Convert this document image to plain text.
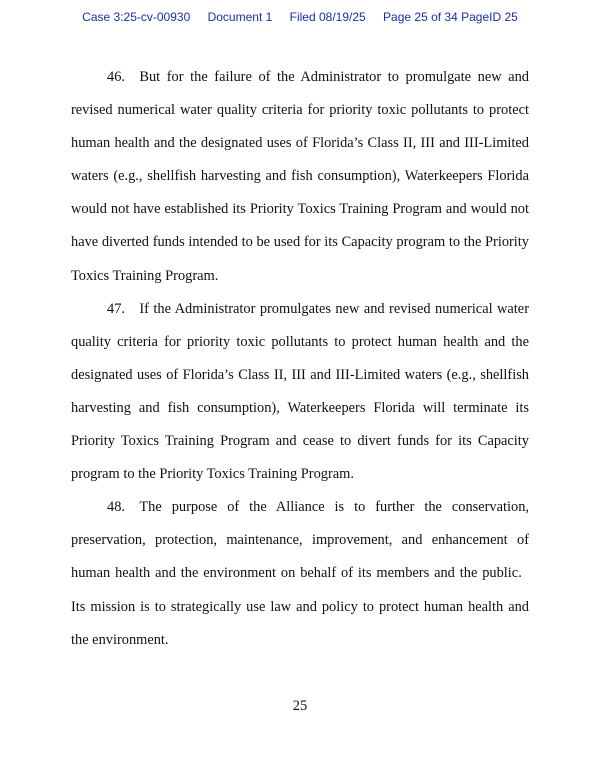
Case 3:25-cv-00930 Document 1 Filed 08/19/25 Page 25 of 34 PageID 25

46. But for the failure of the Administrator to promulgate new and revised numerical water quality criteria for priority toxic pollutants to protect human health and the designated uses of Florida’s Class II, III and III-Limited waters (e.g., shellfish harvesting and fish consumption), Waterkeepers Florida would not have established its Priority Toxics Training Program and would not have diverted funds intended to be used for its Capacity program to the Priority Toxics Training Program.

47. If the Administrator promulgates new and revised numerical water quality criteria for priority toxic pollutants to protect human health and the designated uses of Florida’s Class II, III and III-Limited waters (e.g., shellfish harvesting and fish consumption), Waterkeepers Florida will terminate its Priority Toxics Training Program and cease to divert funds for its Capacity program to the Priority Toxics Training Program.

48. The purpose of the Alliance is to further the conservation, preservation, protection, maintenance, improvement, and enhancement of human health and the environment on behalf of its members and the public.  Its mission is to strategically use law and policy to protect human health and the environment.

25
